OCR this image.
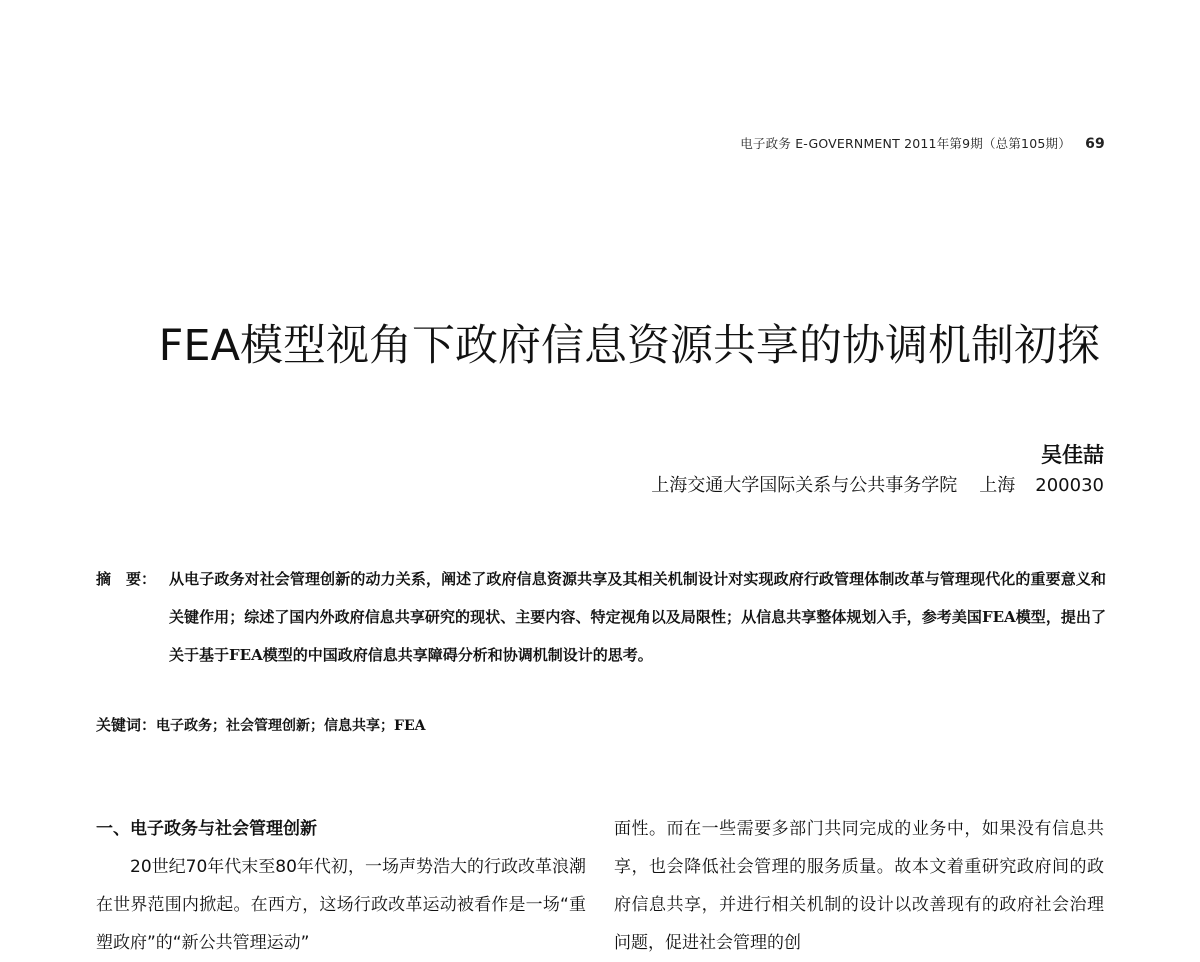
电子政务 E-GOVERNMENT 2011年第9期（总第105期） 69
FEA模型视角下政府信息资源共享的协调机制初探
吴佳喆
上海交通大学国际关系与公共事务学院 上海 200030
摘　要： 从电子政务对社会管理创新的动力关系，阐述了政府信息资源共享及其相关机制设计对实现政府行政管理体制改革与管理现代化的重要意义和关键作用；综述了国内外政府信息共享研究的现状、主要内容、特定视角以及局限性；从信息共享整体规划入手，参考美国FEA模型，提出了关于基于FEA模型的中国政府信息共享障碍分析和协调机制设计的思考。
关键词：电子政务；社会管理创新；信息共享；FEA
一、电子政务与社会管理创新
20世纪70年代末至80年代初，一场声势浩大的行政改革浪潮在世界范围内掀起。在西方，这场行政改革运动被看作是一场“重塑政府”的“新公共管理运动”
面性。而在一些需要多部门共同完成的业务中，如果没有信息共享，也会降低社会管理的服务质量。故本文着重研究政府间的政府信息共享，并进行相关机制的设计以改善现有的政府社会治理问题，促进社会管理的创
